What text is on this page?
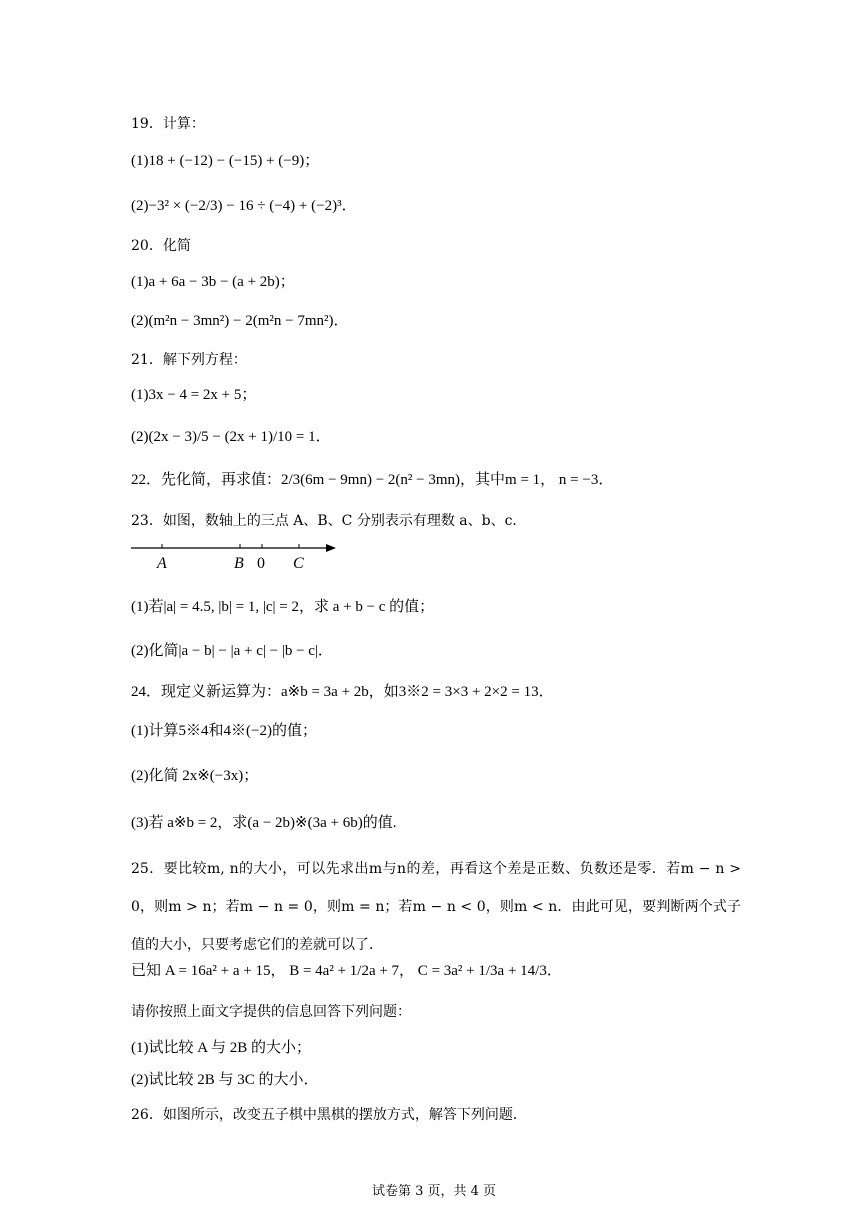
19．计算：
(1)18 + (−12) − (−15) + (−9)；
(2)−3² × (−2/3) − 16 ÷ (−4) + (−2)³．
20．化简
(1)a + 6a − 3b − (a + 2b)；
(2)(m²n − 3mn²) − 2(m²n − 7mn²)．
21．解下列方程：
(1)3x − 4 = 2x + 5；
(2)(2x − 3)/5 − (2x + 1)/10 = 1．
22．先化简，再求值：2/3(6m − 9mn) − 2(n² − 3mn)，其中m = 1， n = −3．
23．如图，数轴上的三点 A、B、C 分别表示有理数 a、b、c．
A	B 0 C
(1)若|a| = 4.5, |b| = 1, |c| = 2，求 a + b − c 的值；
(2)化简|a − b| − |a + c| − |b − c|．
24．现定义新运算为：a※b = 3a + 2b，如3※2 = 3×3 + 2×2 = 13．
(1)计算5※4和4※(−2)的值；
(2)化简 2x※(−3x)；
(3)若 a※b = 2，求(a − 2b)※(3a + 6b)的值.
25．要比较m, n的大小，可以先求出m与n的差，再看这个差是正数、负数还是零．若m − n > 0，则m > n；若m − n = 0，则m = n；若m − n < 0，则m < n．由此可见，要判断两个式子值的大小，只要考虑它们的差就可以了．
已知 A = 16a² + a + 15， B = 4a² + 1/2a + 7， C = 3a² + 1/3a + 14/3．
请你按照上面文字提供的信息回答下列问题：
(1)试比较 A 与 2B 的大小；
(2)试比较 2B 与 3C 的大小．
26．如图所示，改变五子棋中黑棋的摆放方式，解答下列问题．
试卷第 3 页，共 4 页
